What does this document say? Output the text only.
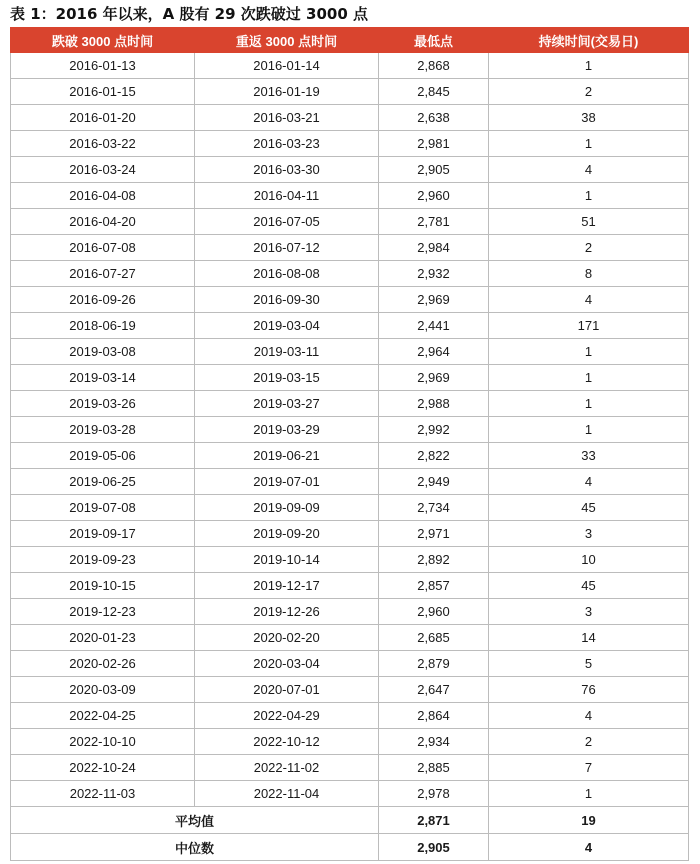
表 1：2016 年以来，A 股有 29 次跌破过 3000 点
跌破 3000 点时间	重返 3000 点时间	最低点	持续时间(交易日)
2016-01-13	2016-01-14	2,868	1
2016-01-15	2016-01-19	2,845	2
2016-01-20	2016-03-21	2,638	38
2016-03-22	2016-03-23	2,981	1
2016-03-24	2016-03-30	2,905	4
2016-04-08	2016-04-11	2,960	1
2016-04-20	2016-07-05	2,781	51
2016-07-08	2016-07-12	2,984	2
2016-07-27	2016-08-08	2,932	8
2016-09-26	2016-09-30	2,969	4
2018-06-19	2019-03-04	2,441	171
2019-03-08	2019-03-11	2,964	1
2019-03-14	2019-03-15	2,969	1
2019-03-26	2019-03-27	2,988	1
2019-03-28	2019-03-29	2,992	1
2019-05-06	2019-06-21	2,822	33
2019-06-25	2019-07-01	2,949	4
2019-07-08	2019-09-09	2,734	45
2019-09-17	2019-09-20	2,971	3
2019-09-23	2019-10-14	2,892	10
2019-10-15	2019-12-17	2,857	45
2019-12-23	2019-12-26	2,960	3
2020-01-23	2020-02-20	2,685	14
2020-02-26	2020-03-04	2,879	5
2020-03-09	2020-07-01	2,647	76
2022-04-25	2022-04-29	2,864	4
2022-10-10	2022-10-12	2,934	2
2022-10-24	2022-11-02	2,885	7
2022-11-03	2022-11-04	2,978	1
平均值		2,871	19
中位数		2,905	4
